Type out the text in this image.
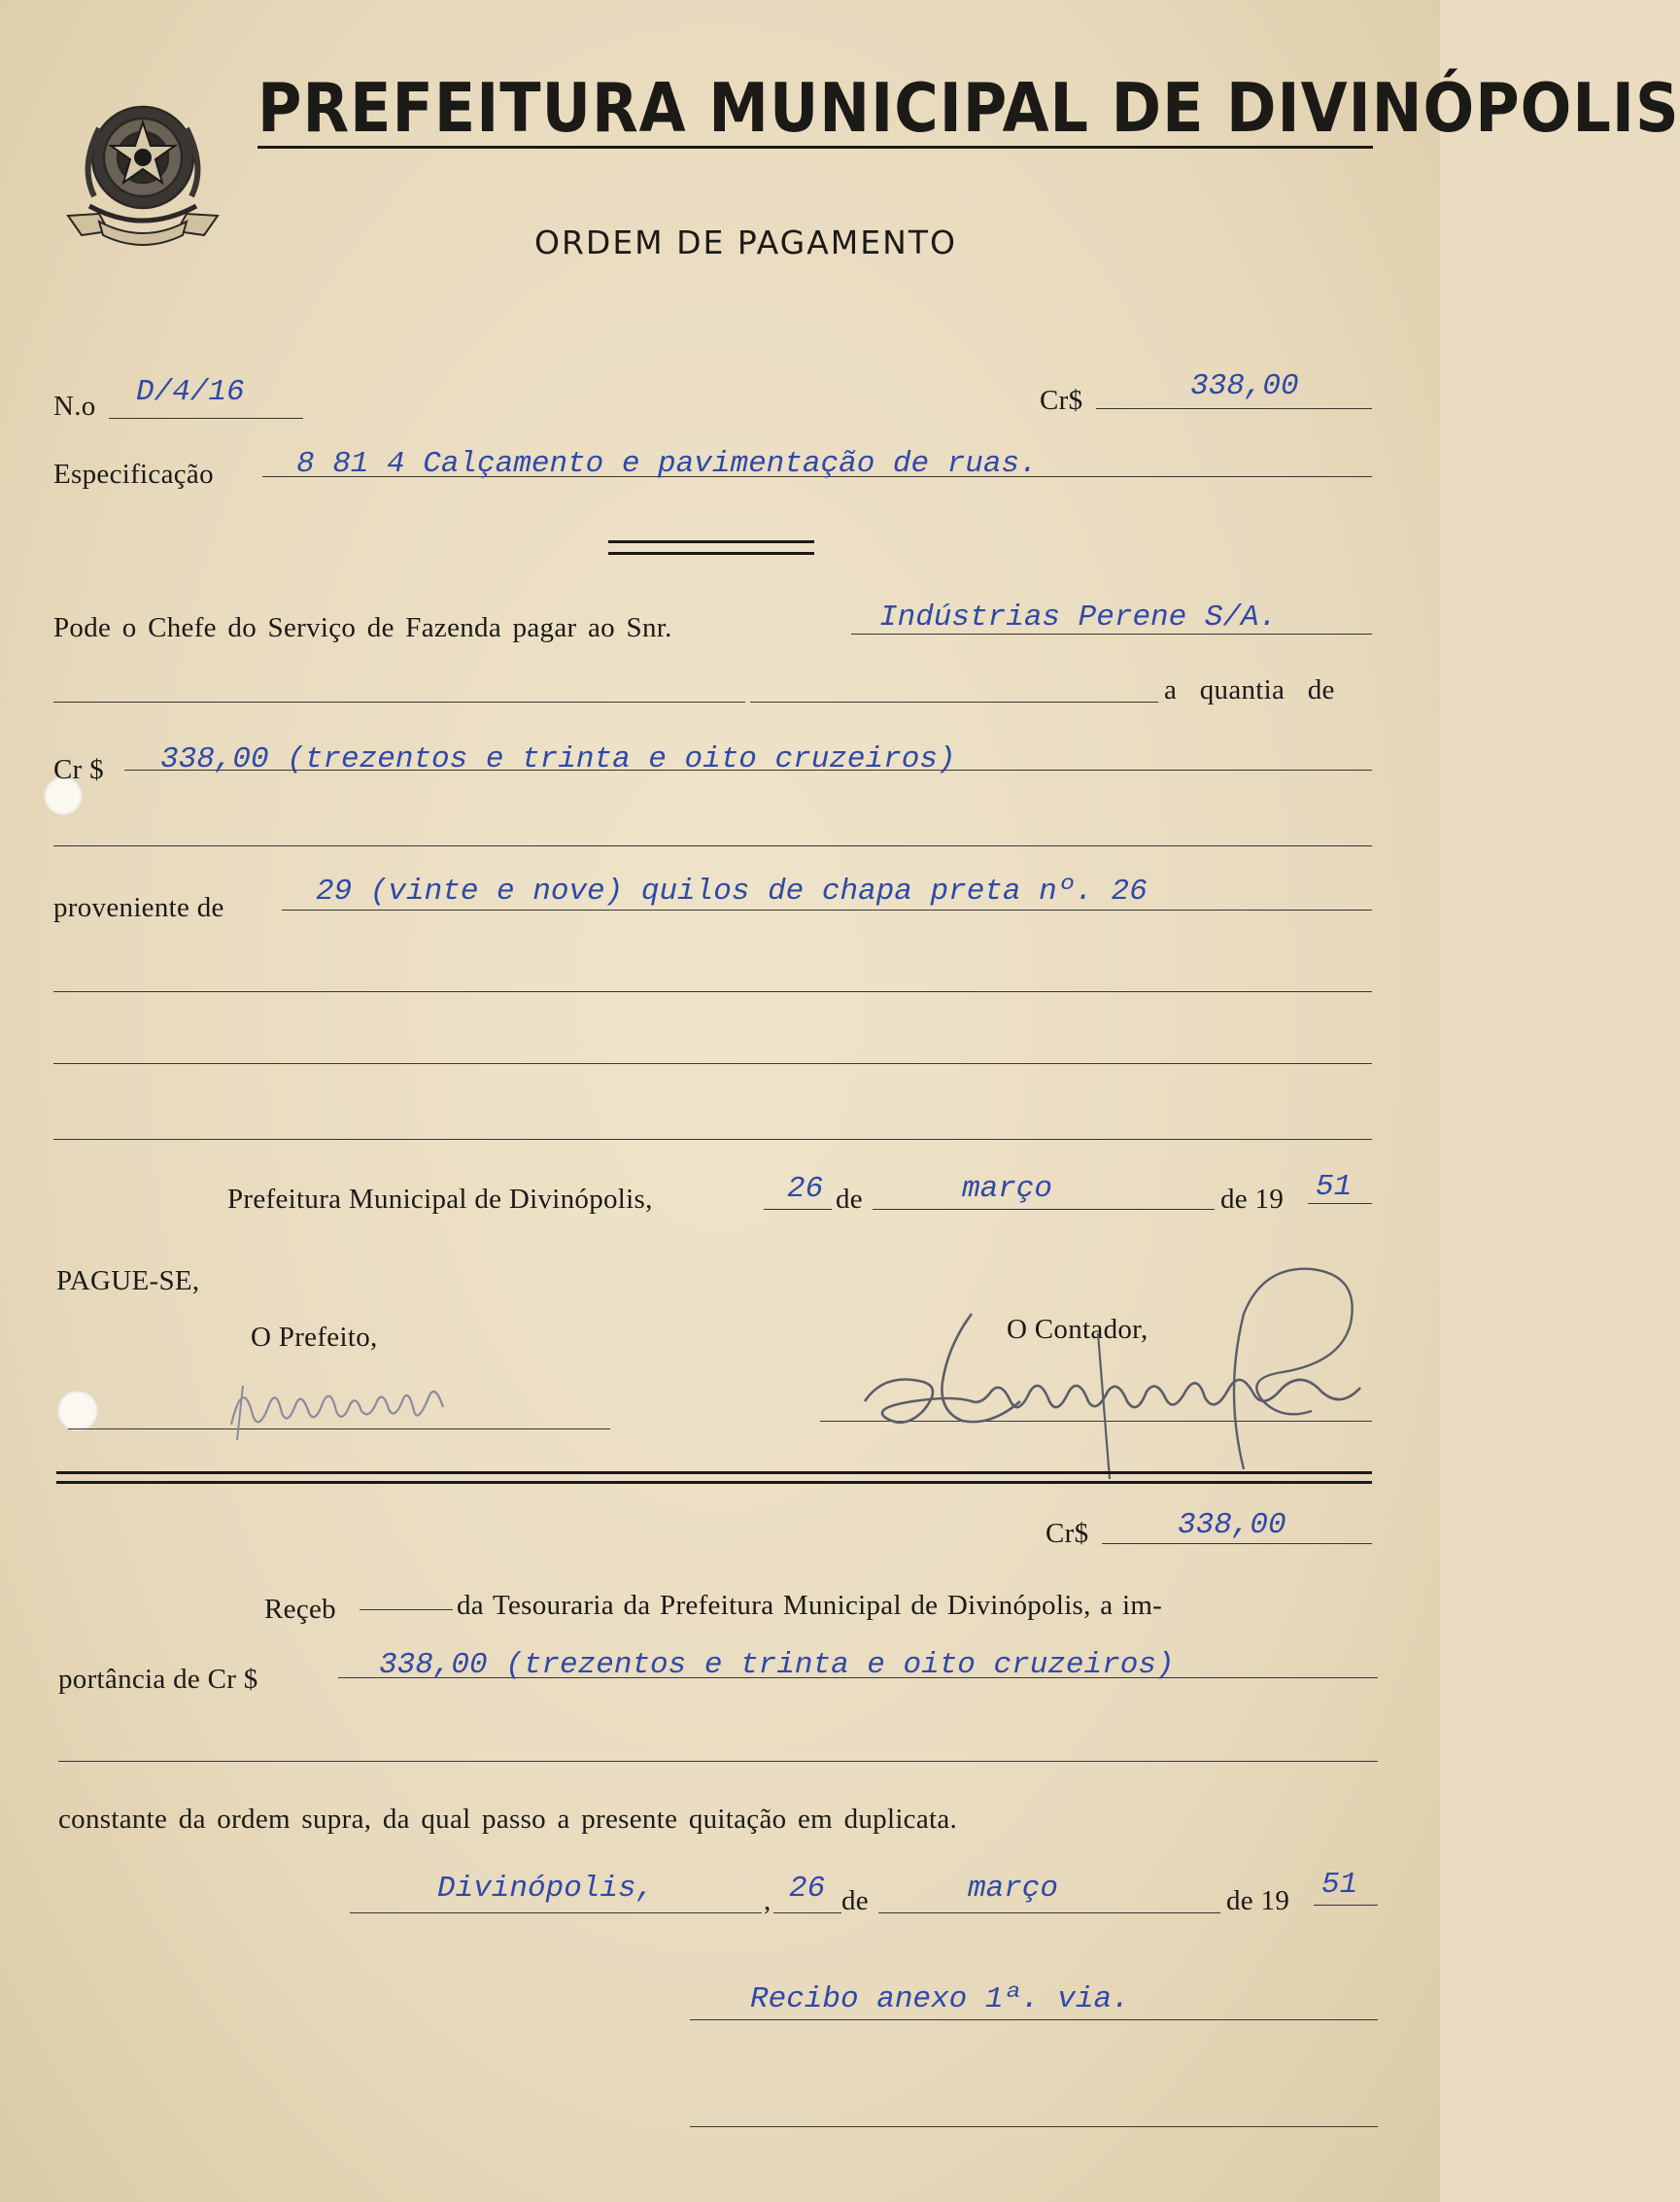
PREFEITURA MUNICIPAL DE DIVINÓPOLIS
ORDEM DE PAGAMENTO
N.o D/4/16	Cr$	338,00
Especificação	8 81 4 Calçamento e pavimentação de ruas.
Pode o Chefe do Serviço de Fazenda pagar ao Snr.	Indústrias Perene S/A.
a quantia de
Cr $ 338,00 (trezentos e trinta e oito cruzeiros)
proveniente de	29 (vinte e nove) quilos de chapa preta nº. 26
Prefeitura Municipal de Divinópolis,	26 de	março	de 19 51
PAGUE-SE,
O Prefeito,	O Contador,
Cr$	338,00
Reçeb	da Tesouraria da Prefeitura Municipal de Divinópolis, a im-
portância de Cr $	338,00 (trezentos e trinta e oito cruzeiros)
constante da ordem supra, da qual passo a presente quitação em duplicata.
Divinópolis,	, 26 de	março	de 19 51
Recibo anexo 1ª. via.
